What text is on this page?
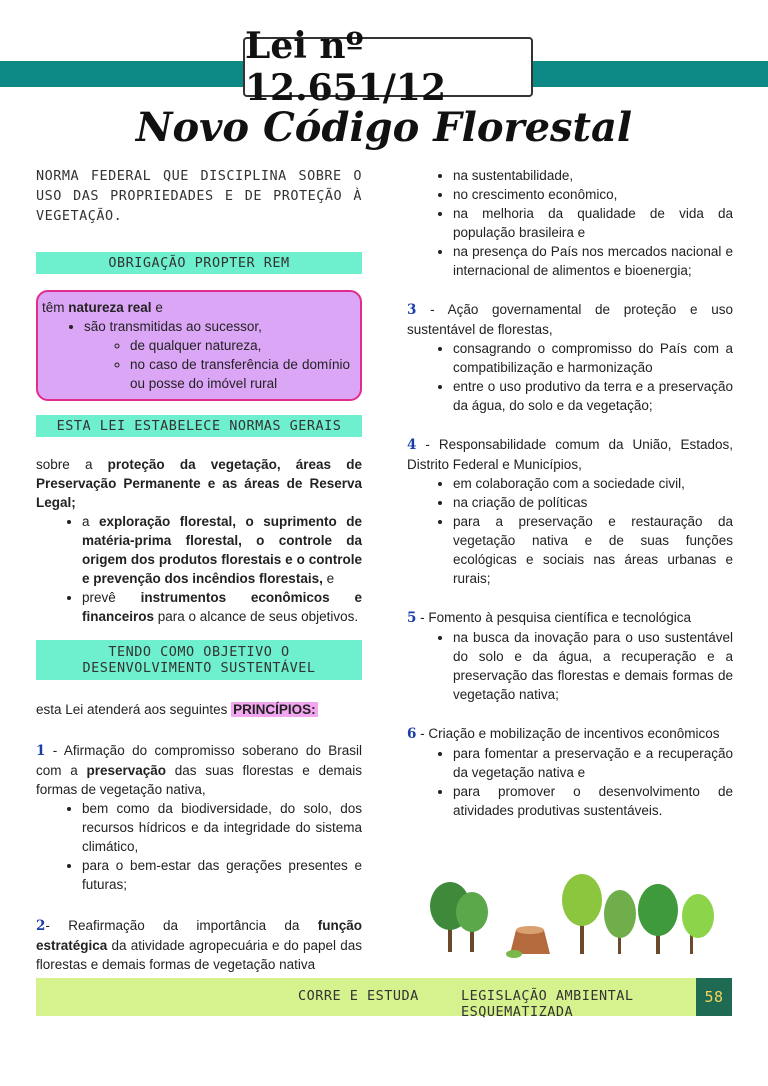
Lei nº 12.651/12
Novo Código Florestal
NORMA FEDERAL QUE DISCIPLINA SOBRE O USO DAS PROPRIEDADES E DE PROTEÇÃO À VEGETAÇÃO.
OBRIGAÇÃO PROPTER REM
têm natureza real e
• são transmitidas ao sucessor,
◦ de qualquer natureza,
◦ no caso de transferência de domínio ou posse do imóvel rural
ESTA LEI ESTABELECE NORMAS GERAIS

sobre a proteção da vegetação, áreas de Preservação Permanente e as áreas de Reserva Legal;

• a exploração florestal, o suprimento de matéria-prima florestal, o controle da origem dos produtos florestais e o controle e prevenção dos incêndios florestais, e
• prevê instrumentos econômicos e financeiros para o alcance de seus objetivos.
TENDO COMO OBJETIVO O DESENVOLVIMENTO SUSTENTÁVEL

esta Lei atenderá aos seguintes PRINCÍPIOS:

1 - Afirmação do compromisso soberano do Brasil com a preservação das suas florestas e demais formas de vegetação nativa,

• bem como da biodiversidade, do solo, dos recursos hídricos e da integridade do sistema climático,
• para o bem-estar das gerações presentes e futuras;

2- Reafirmação da importância da função estratégica da atividade agropecuária e do papel das florestas e demais formas de vegetação nativa

• na sustentabilidade,
• no crescimento econômico,
• na melhoria da qualidade de vida da população brasileira e
• na presença do País nos mercados nacional e internacional de alimentos e bioenergia;

3 - Ação governamental de proteção e uso sustentável de florestas,

• consagrando o compromisso do País com a compatibilização e harmonização
• entre o uso produtivo da terra e a preservação da água, do solo e da vegetação;

4 - Responsabilidade comum da União, Estados, Distrito Federal e Municípios,

• em colaboração com a sociedade civil,
• na criação de políticas
• para a preservação e restauração da vegetação nativa e de suas funções ecológicas e sociais nas áreas urbanas e rurais;

5 - Fomento à pesquisa científica e tecnológica

• na busca da inovação para o uso sustentável do solo e da água, a recuperação e a preservação das florestas e demais formas de vegetação nativa;

6 - Criação e mobilização de incentivos econômicos

• para fomentar a preservação e a recuperação da vegetação nativa e
• para promover o desenvolvimento de atividades produtivas sustentáveis.
CORRE E ESTUDA	LEGISLAÇÃO AMBIENTAL ESQUEMATIZADA
58
